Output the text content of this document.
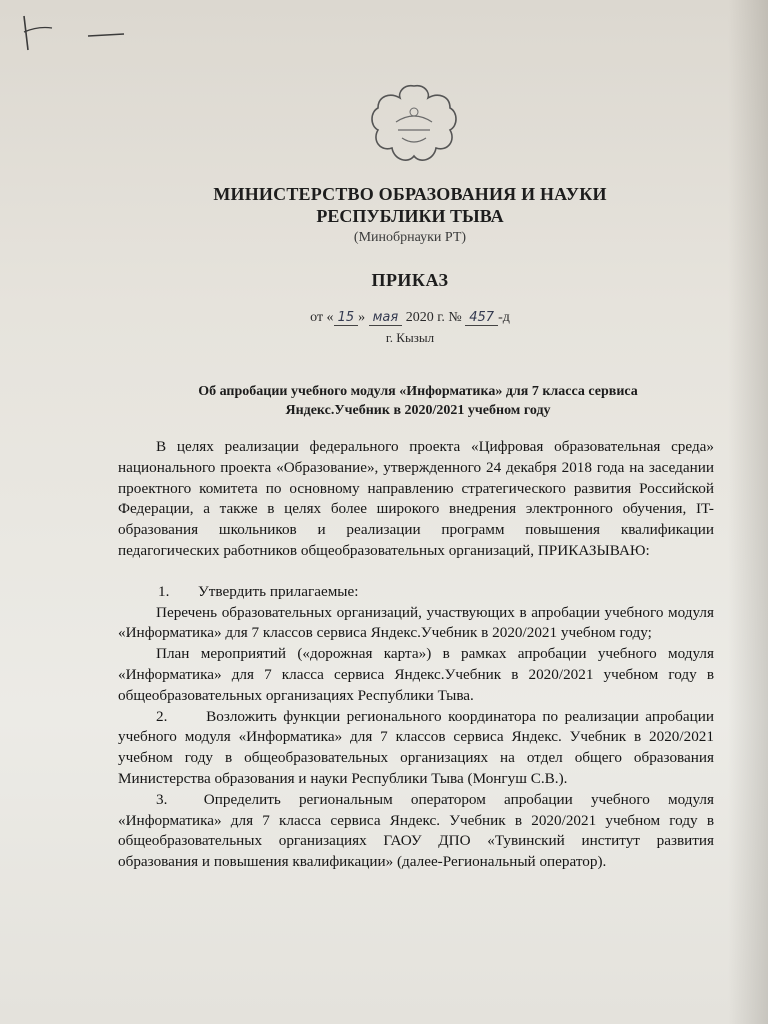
МИНИСТЕРСТВО ОБРАЗОВАНИЯ И НАУКИ
РЕСПУБЛИКИ ТЫВА
(Минобрнауки РТ)
ПРИКАЗ
от « 15 » мая 2020 г. № 457 -д
г. Кызыл
Об апробации учебного модуля «Информатика» для 7 класса сервиса
Яндекс.Учебник в 2020/2021 учебном году

В целях реализации федерального проекта «Цифровая образовательная среда» национального проекта «Образование», утвержденного 24 декабря 2018 года на заседании проектного комитета по основному направлению стратегического развития Российской Федерации, а также в целях более широкого внедрения электронного обучения, IT-образования школьников и реализации программ повышения квалификации педагогических работников общеобразовательных организаций, ПРИКАЗЫВАЮ:

1. Утвердить прилагаемые:

Перечень образовательных организаций, участвующих в апробации учебного модуля «Информатика» для 7 классов сервиса Яндекс.Учебник в 2020/2021 учебном году;

План мероприятий («дорожная карта») в рамках апробации учебного модуля «Информатика» для 7 класса сервиса Яндекс.Учебник в 2020/2021 учебном году в общеобразовательных организациях Республики Тыва.

2.	Возложить функции регионального координатора по реализации апробации учебного модуля «Информатика» для 7 классов сервиса Яндекс. Учебник в 2020/2021 учебном году в общеобразовательных организациях на отдел общего образования Министерства образования и науки Республики Тыва (Монгуш С.В.).

3. Определить региональным оператором апробации учебного модуля «Информатика» для 7 класса сервиса Яндекс. Учебник в 2020/2021 учебном году в общеобразовательных организациях ГАОУ ДПО «Тувинский институт развития образования и повышения квалификации» (далее-Региональный оператор).
